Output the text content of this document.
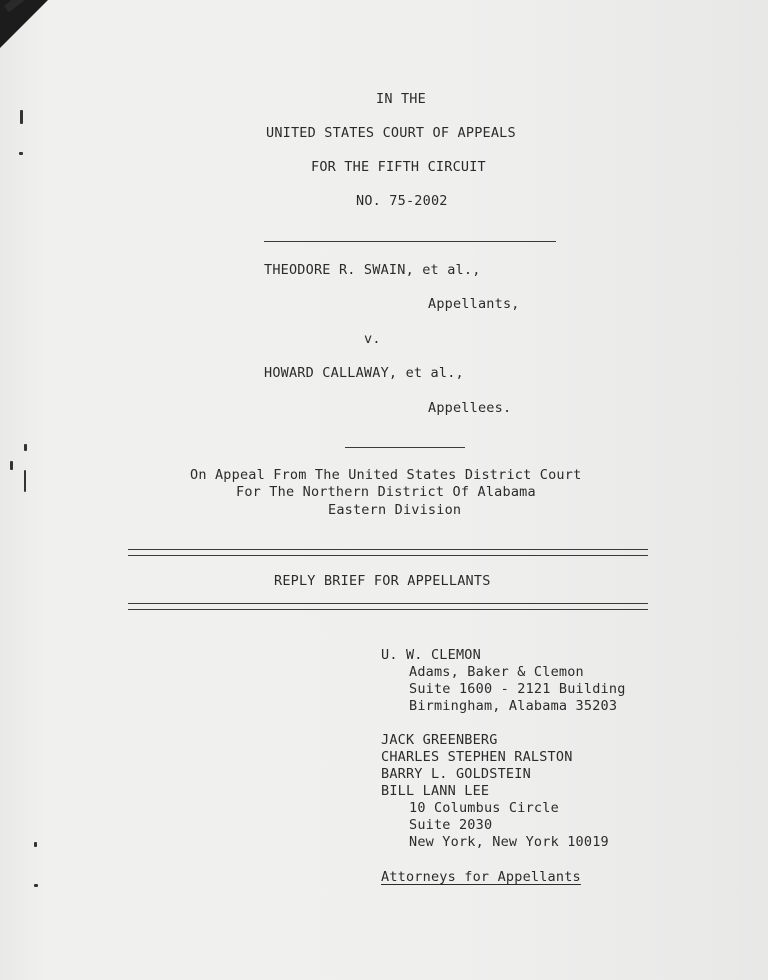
IN THE
UNITED STATES COURT OF APPEALS
FOR THE FIFTH CIRCUIT
NO. 75-2002
THEODORE R. SWAIN, et al.,
Appellants,
v.
HOWARD CALLAWAY, et al.,
Appellees.
On Appeal From The United States District Court
For The Northern District Of Alabama
Eastern Division
REPLY BRIEF FOR APPELLANTS
U. W. CLEMON
Adams, Baker & Clemon
Suite 1600 - 2121 Building
Birmingham, Alabama 35203
JACK GREENBERG
CHARLES STEPHEN RALSTON
BARRY L. GOLDSTEIN
BILL LANN LEE
10 Columbus Circle
Suite 2030
New York, New York 10019
Attorneys for Appellants
